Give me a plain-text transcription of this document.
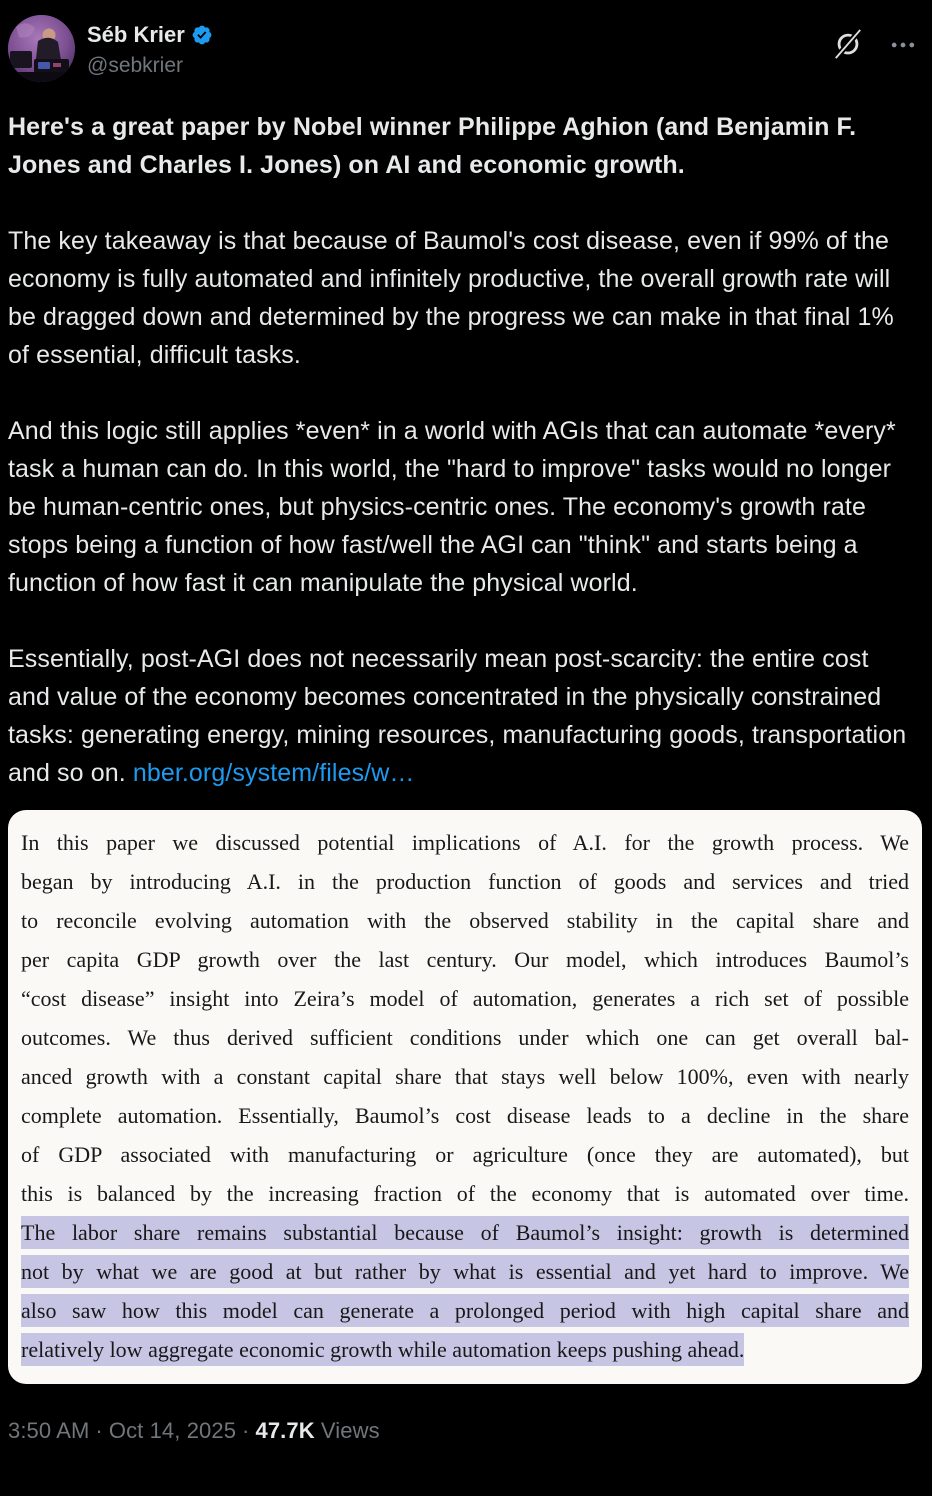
Séb Krier
@sebkrier

Here's a great paper by Nobel winner Philippe Aghion (and Benjamin F. Jones and Charles I. Jones) on AI and economic growth.

The key takeaway is that because of Baumol's cost disease, even if 99% of the economy is fully automated and infinitely productive, the overall growth rate will be dragged down and determined by the progress we can make in that final 1% of essential, difficult tasks.

And this logic still applies *even* in a world with AGIs that can automate *every* task a human can do. In this world, the "hard to improve" tasks would no longer be human-centric ones, but physics-centric ones. The economy's growth rate stops being a function of how fast/well the AGI can "think" and starts being a function of how fast it can manipulate the physical world.

Essentially, post-AGI does not necessarily mean post-scarcity: the entire cost and value of the economy becomes concentrated in the physically constrained tasks: generating energy, mining resources, manufacturing goods, transportation and so on. nber.org/system/files/w…

In this paper we discussed potential implications of A.I. for the growth process. We
began by introducing A.I. in the production function of goods and services and tried
to reconcile evolving automation with the observed stability in the capital share and
per capita GDP growth over the last century. Our model, which introduces Baumol’s
“cost disease” insight into Zeira’s model of automation, generates a rich set of possible
outcomes. We thus derived sufficient conditions under which one can get overall bal-
anced growth with a constant capital share that stays well below 100%, even with nearly
complete automation. Essentially, Baumol’s cost disease leads to a decline in the share
of GDP associated with manufacturing or agriculture (once they are automated), but
this is balanced by the increasing fraction of the economy that is automated over time.
The labor share remains substantial because of Baumol’s insight: growth is determined
not by what we are good at but rather by what is essential and yet hard to improve. We
also saw how this model can generate a prolonged period with high capital share and
relatively low aggregate economic growth while automation keeps pushing ahead.
3:50 AM · Oct 14, 2025 · 47.7K Views
